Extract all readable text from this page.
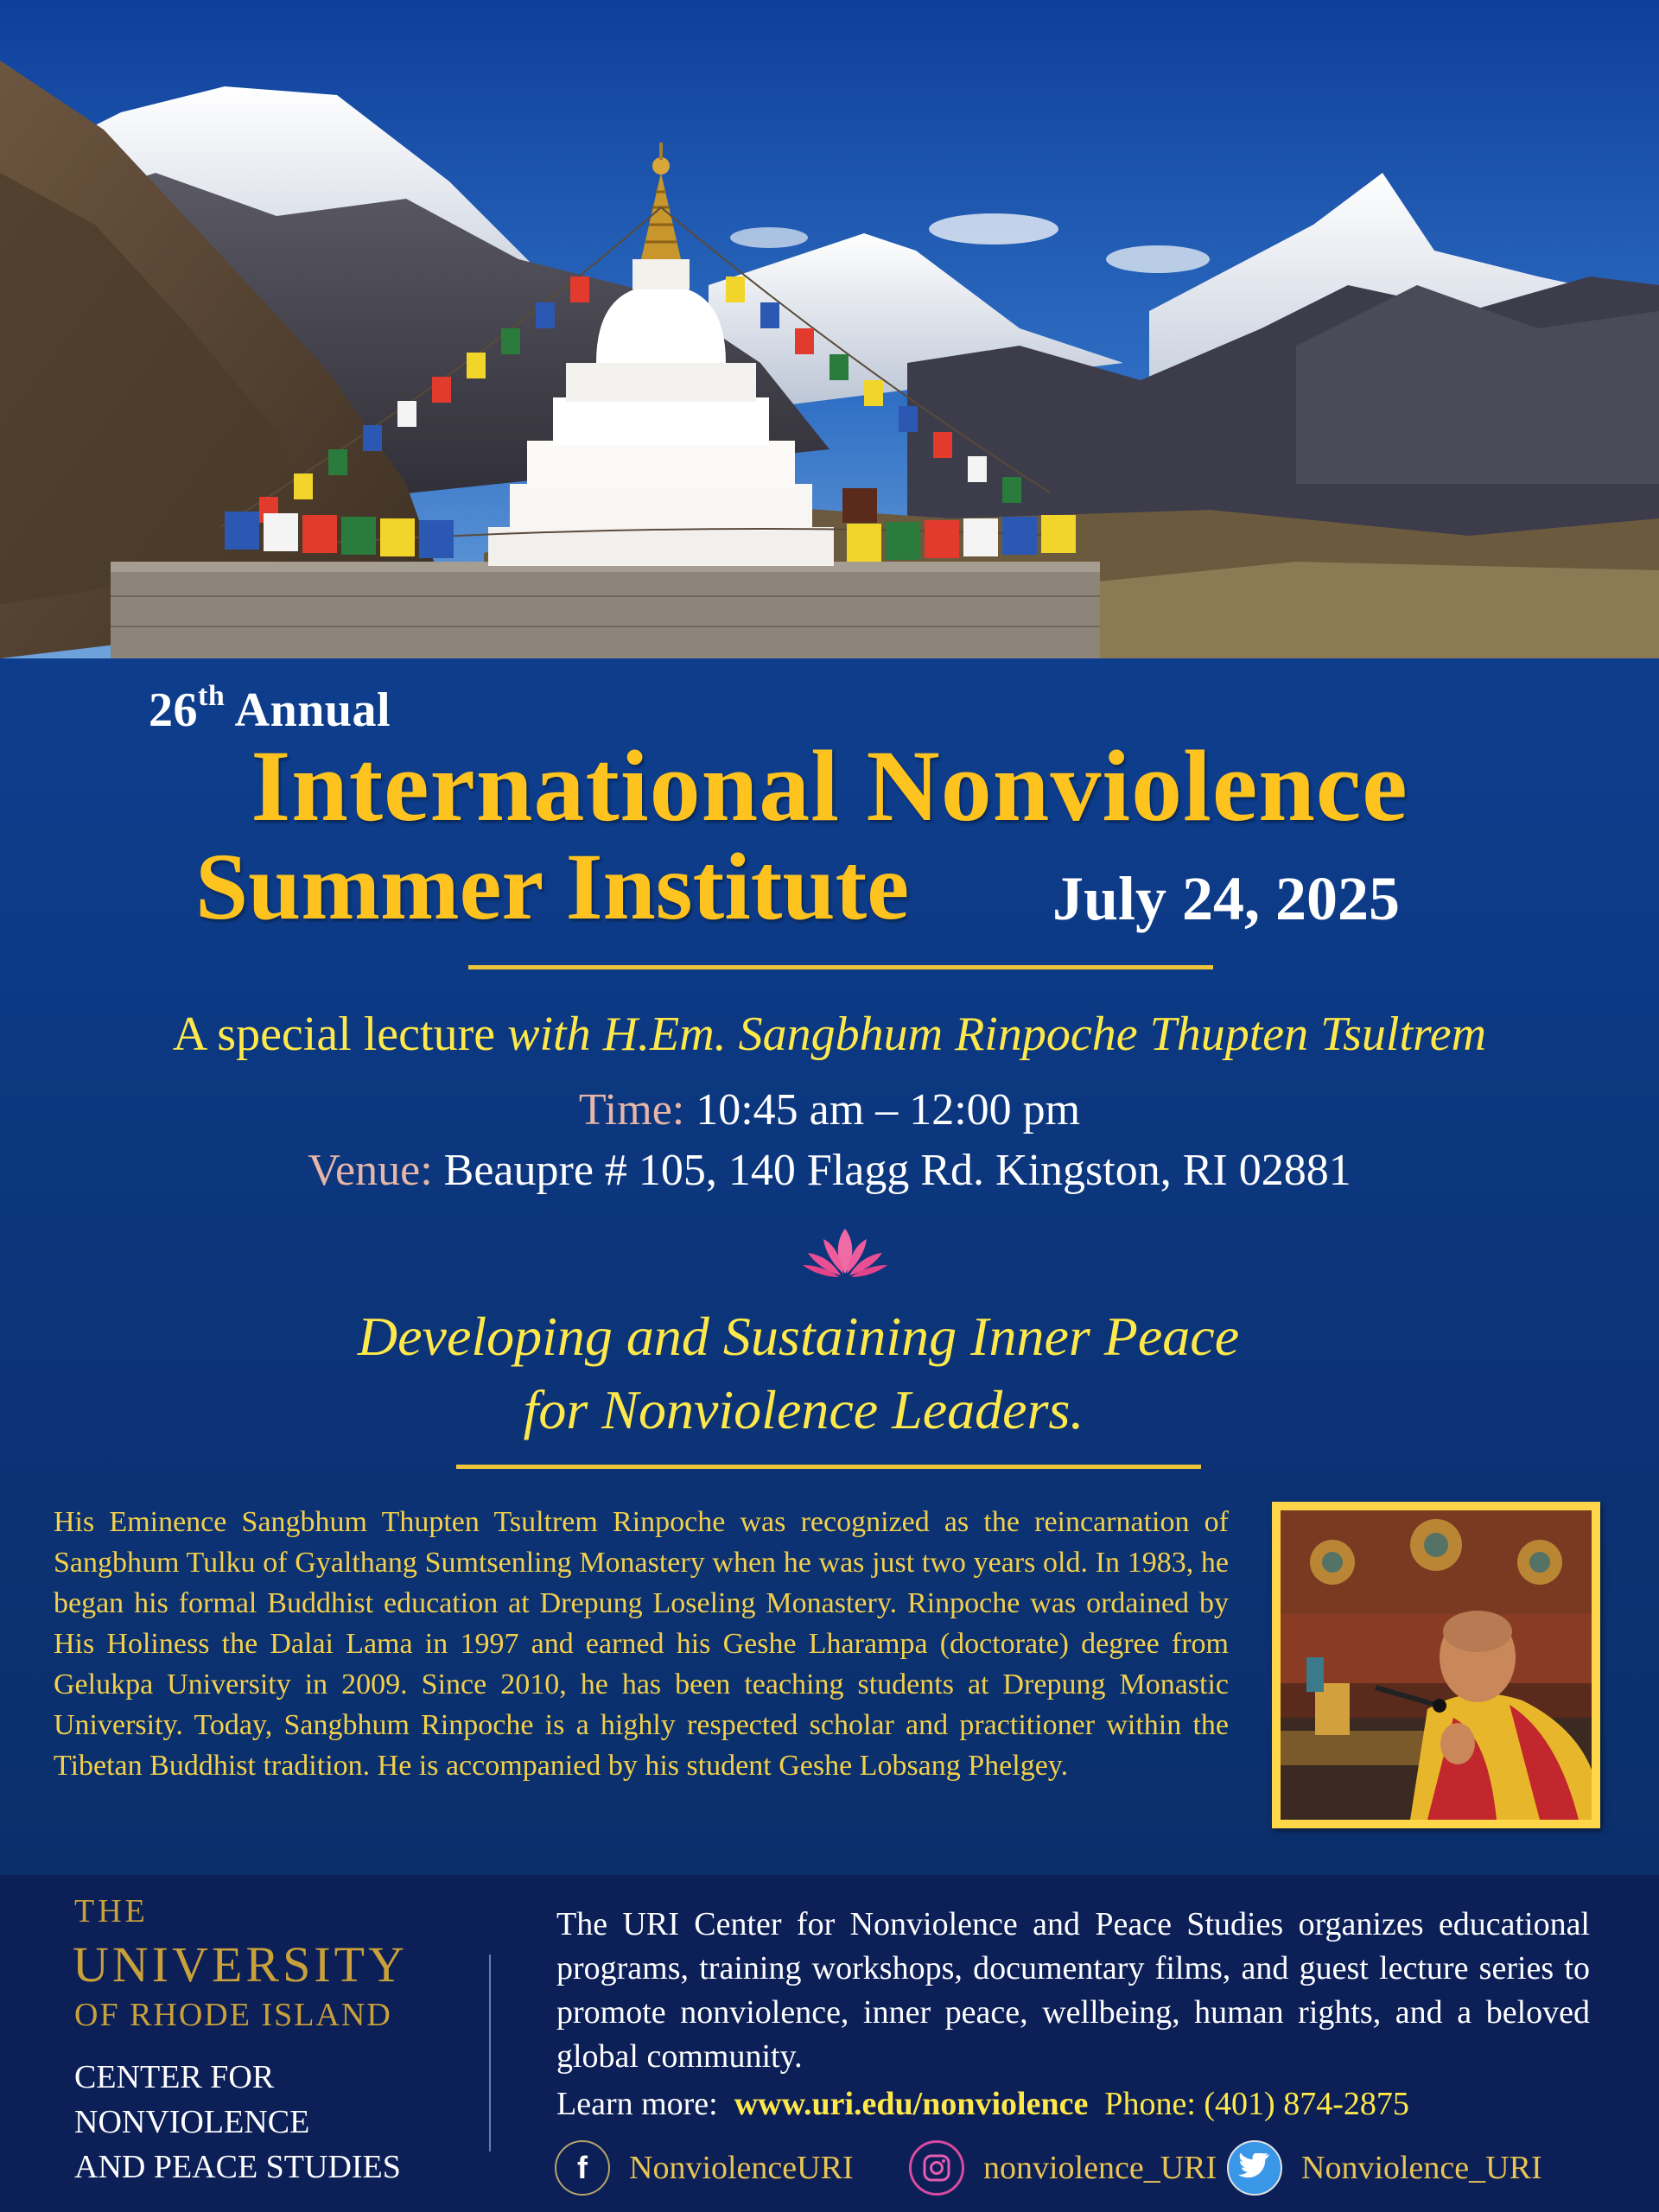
26th Annual
International Nonviolence
Summer Institute July 24, 2025
A special lecture with H.Em. Sangbhum Rinpoche Thupten Tsultrem
Time: 10:45 am – 12:00 pm
Venue: Beaupre # 105, 140 Flagg Rd. Kingston, RI 02881
Developing and Sustaining Inner Peace
for Nonviolence Leaders.
His Eminence Sangbhum Thupten Tsultrem Rinpoche was recognized as the reincarnation of Sangbhum Tulku of Gyalthang Sumtsenling Monastery when he was just two years old. In 1983, he began his formal Buddhist education at Drepung Loseling Monastery. Rinpoche was ordained by His Holiness the Dalai Lama in 1997 and earned his Geshe Lharampa (doctorate) degree from Gelukpa University in 2009. Since 2010, he has been teaching students at Drepung Monastic University. Today, Sangbhum Rinpoche is a highly respected scholar and practitioner within the Tibetan Buddhist tradition. He is accompanied by his student Geshe Lobsang Phelgey.
THE
UNIVERSITY
OF RHODE ISLAND
CENTER FOR
NONVIOLENCE
AND PEACE STUDIES
The URI Center for Nonviolence and Peace Studies organizes educational programs, training workshops, documentary films, and guest lecture series to promote nonviolence, inner peace, wellbeing, human rights, and a beloved global community.
Learn more: www.uri.edu/nonviolence Phone: (401) 874-2875
f	NonviolenceURI	nonviolence_URI	Nonviolence_URI
